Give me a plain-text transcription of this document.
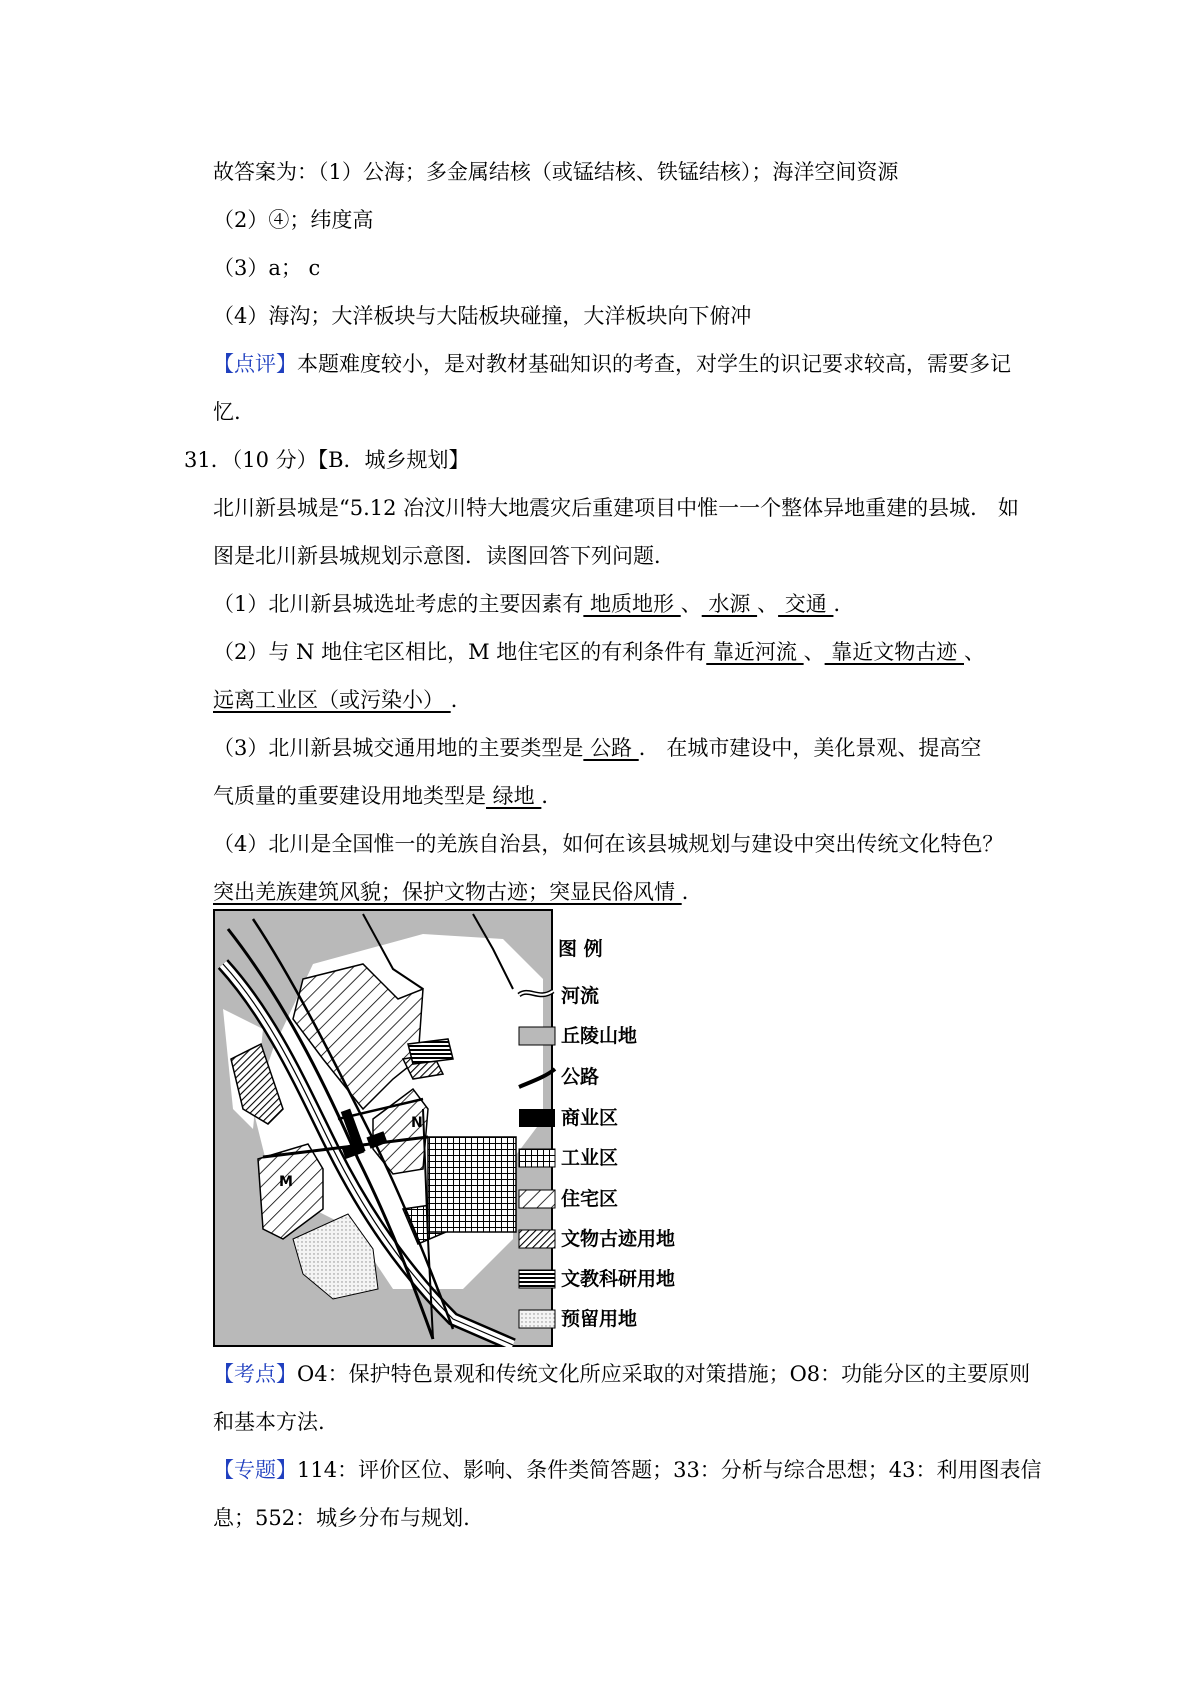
故答案为：（1）公海；多金属结核（或锰结核、铁锰结核）；海洋空间资源
（2）④；纬度高
（3）a； c
（4）海沟；大洋板块与大陆板块碰撞，大洋板块向下俯冲
【点评】本题难度较小，是对教材基础知识的考查，对学生的识记要求较高，需要多记
忆.
31．（10 分）【B．城乡规划】
北川新县城是“5.12 冶汶川特大地震灾后重建项目中惟一一个整体异地重建的县城． 如
图是北川新县城规划示意图．读图回答下列问题．
（1）北川新县城选址考虑的主要因素有 地质地形 、 水源 、 交通 ．
（2）与 N 地住宅区相比，M 地住宅区的有利条件有 靠近河流 、 靠近文物古迹 、
远离工业区（或污染小） ．
（3）北川新县城交通用地的主要类型是 公路 ． 在城市建设中，美化景观、提高空
气质量的重要建设用地类型是 绿地 ．
（4）北川是全国惟一的羌族自治县，如何在该县城规划与建设中突出传统文化特色？
突出羌族建筑风貌；保护文物古迹；突显民俗风情 ．
M
N
图 例
河流
丘陵山地
公路
商业区
工业区
住宅区
文物古迹用地
文教科研用地
预留用地
【考点】O4：保护特色景观和传统文化所应采取的对策措施；O8：功能分区的主要原则
和基本方法.
【专题】114：评价区位、影响、条件类简答题；33：分析与综合思想；43：利用图表信
息；552：城乡分布与规划.
